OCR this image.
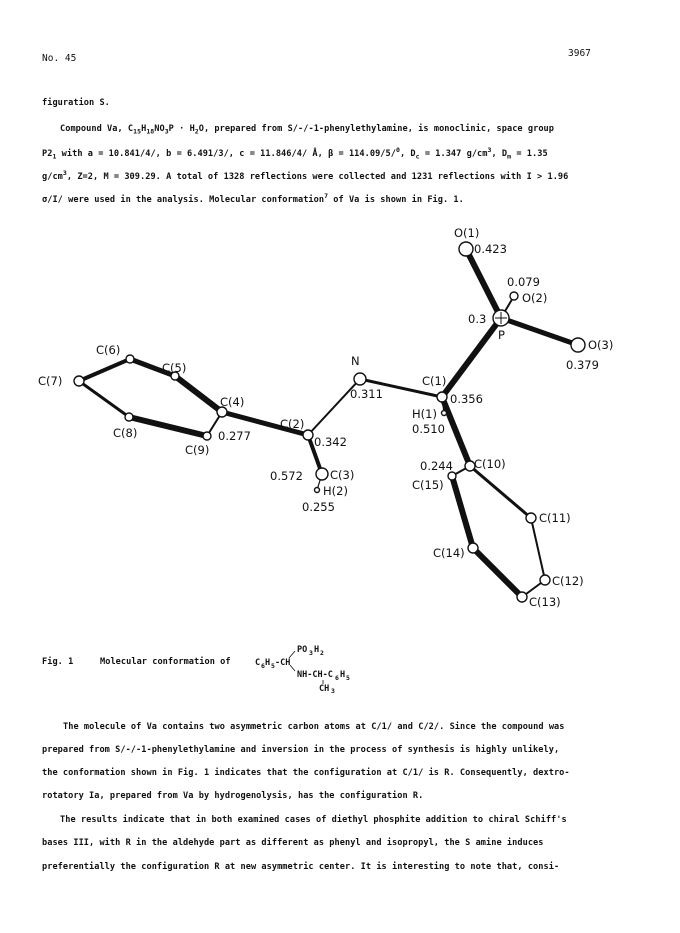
No. 45	3967
figuration S.
Compound Va, $C_{15}H_{18}NO_3P \cdot H_2O$, prepared from S/-/-1-phenylethylamine, is monoclinic, space group
$P2_1$ with a = 10.841/4/, b = 6.491/3/, c = 11.846/4/ Å, β = 114.09/5/$^0$, $D_c = 1.347$ $g/cm^3$, $D_m = 1.35$
$g/cm^3$, Z=2, M = 309.29. A total of 1328 reflections were collected and 1231 reflections with I > 1.96
σ/I/ were used in the analysis. Molecular conformation$^7$ of Va is shown in Fig. 1.
O(1)
0.423
0.079
O(2)
0.3
P
O(3)
0.379
N
0.311
C(1)
0.356
H(1)
0.510
C(2)
0.342
0.572 C(3)
H(2)
0.255
C(4)
0.277
C(5)
C(6)
C(7)
C(8)
C(9)
0.244 C(10)
C(15)
C(11)
C(14)
C(12)
C(13)
Fig. 1	Molecular conformation of
PO 3 H 2
C 6 H 5 -CH
NH-CH-C 6 H 5
CH 3
The molecule of Va contains two asymmetric carbon atoms at C/1/ and C/2/. Since the compound was
prepared from S/-/-1-phenylethylamine and inversion in the process of synthesis is highly unlikely,
the conformation shown in Fig. 1 indicates that the configuration at C/1/ is R. Consequently, dextro-
rotatory Ia, prepared from Va by hydrogenolysis, has the configuration R.
The results indicate that in both examined cases of diethyl phosphite addition to chiral Schiff's
bases III, with R in the aldehyde part as different as phenyl and isopropyl, the S amine induces
preferentially the configuration R at new asymmetric center. It is interesting to note that, consi-
